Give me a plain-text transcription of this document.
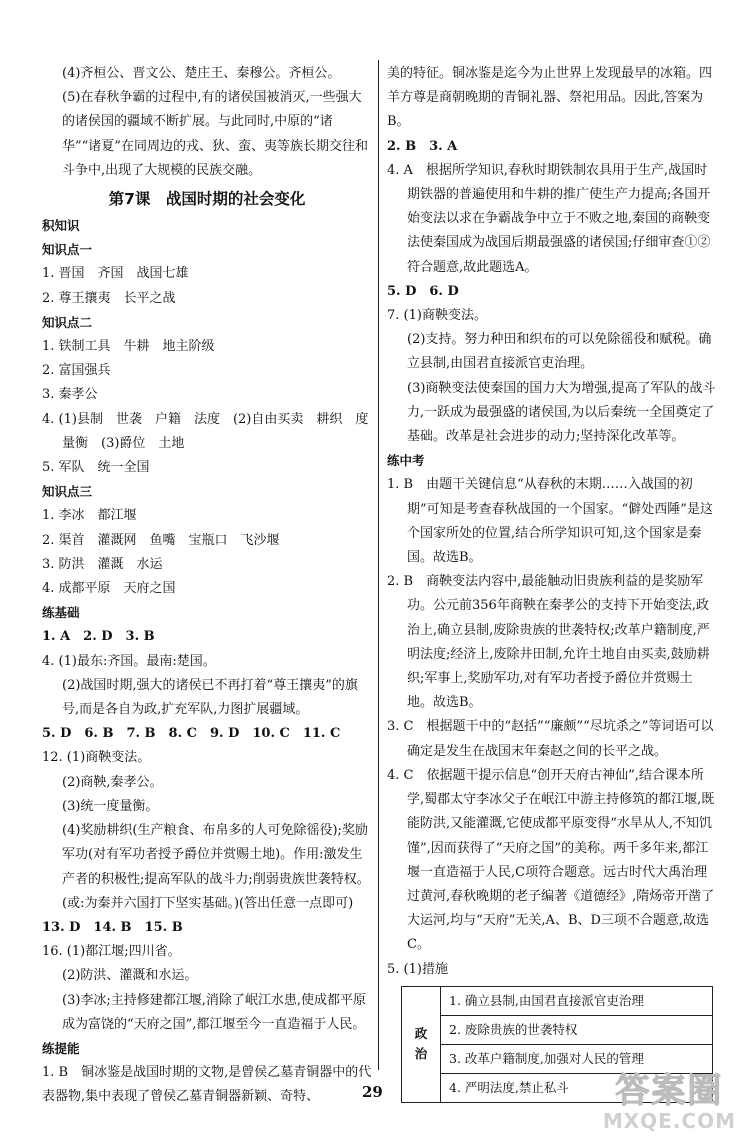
(4)齐桓公、晋文公、楚庄王、秦穆公。齐桓公。

(5)在春秋争霸的过程中,有的诸侯国被消灭,一些强大的诸侯国的疆域不断扩展。与此同时,中原的“诸华”“诸夏”在同周边的戎、狄、蛮、夷等族长期交往和斗争中,出现了大规模的民族交融。

第7课　战国时期的社会变化

积知识

知识点一

1. 晋国　齐国　战国七雄

2. 尊王攘夷　长平之战

知识点二

1. 铁制工具　牛耕　地主阶级

2. 富国强兵

3. 秦孝公

4. (1)县制　世袭　户籍　法度　(2)自由买卖　耕织　度量衡　(3)爵位　土地

5. 军队　统一全国

知识点三

1. 李冰　都江堰

2. 渠首　灌溉网　鱼嘴　宝瓶口　飞沙堰

3. 防洪　灌溉　水运

4. 成都平原　天府之国

练基础

1. A　2. D　3. B

4. (1)最东:齐国。最南:楚国。

(2)战国时期,强大的诸侯已不再打着“尊王攘夷”的旗号,而是各自为政,扩充军队,力图扩展疆域。

5. D　6. B　7. B　8. C　9. D　10. C　11. C

12. (1)商鞅变法。

(2)商鞅,秦孝公。

(3)统一度量衡。

(4)奖励耕织(生产粮食、布帛多的人可免除徭役);奖励军功(对有军功者授予爵位并赏赐土地)。作用:激发生产者的积极性;提高军队的战斗力;削弱贵族世袭特权。(或:为秦并六国打下坚实基础。)(答出任意一点即可)

13. D　14. B　15. B

16. (1)都江堰;四川省。

(2)防洪、灌溉和水运。

(3)李冰;主持修建都江堰,消除了岷江水患,使成都平原成为富饶的“天府之国”,都江堰至今一直造福于人民。

练提能

1. B　铜冰鉴是战国时期的文物,是曾侯乙墓青铜器中的代表器物,集中表现了曾侯乙墓青铜器新颖、奇特、

美的特征。铜冰鉴是迄今为止世界上发现最早的冰箱。四羊方尊是商朝晚期的青铜礼器、祭祀用品。因此,答案为B。

2. B　3. A

4. A　根据所学知识,春秋时期铁制农具用于生产,战国时期铁器的普遍使用和牛耕的推广使生产力提高;各国开始变法以求在争霸战争中立于不败之地,秦国的商鞅变法使秦国成为战国后期最强盛的诸侯国;仔细审查①②符合题意,故此题选A。

5. D　6. D

7. (1)商鞅变法。

(2)支持。努力种田和织布的可以免除徭役和赋税。确立县制,由国君直接派官吏治理。

(3)商鞅变法使秦国的国力大为增强,提高了军队的战斗力,一跃成为最强盛的诸侯国,为以后秦统一全国奠定了基础。改革是社会进步的动力;坚持深化改革等。

练中考

1. B　由题干关键信息“从春秋的末期……入战国的初期”可知是考查春秋战国的一个国家。“僻处西陲”是这个国家所处的位置,结合所学知识可知,这个国家是秦国。故选B。

2. B　商鞅变法内容中,最能触动旧贵族利益的是奖励军功。公元前356年商鞅在秦孝公的支持下开始变法,政治上,确立县制,废除贵族的世袭特权;改革户籍制度,严明法度;经济上,废除井田制,允许土地自由买卖,鼓励耕织;军事上,奖励军功,对有军功者授予爵位并赏赐土地。故选B。

3. C　根据题干中的“赵括”“廉颇”“尽坑杀之”等词语可以确定是发生在战国末年秦赵之间的长平之战。

4. C　依据题干提示信息“创开天府古神仙”,结合课本所学,蜀郡太守李冰父子在岷江中游主持修筑的都江堰,既能防洪,又能灌溉,它使成都平原变得“水旱从人,不知饥馑”,因而获得了“天府之国”的美称。两千多年来,都江堰一直造福于人民,C项符合题意。远古时代大禹治理过黄河,春秋晚期的老子编著《道德经》,隋炀帝开凿了大运河,均与“天府”无关,A、B、D三项不合题意,故选C。

5. (1)措施

政治	1. 确立县制,由国君直接派官吏治理
2. 废除贵族的世袭特权
3. 改革户籍制度,加强对人民的管理
4. 严明法度,禁止私斗
29	答案圈
MXQE.COM
